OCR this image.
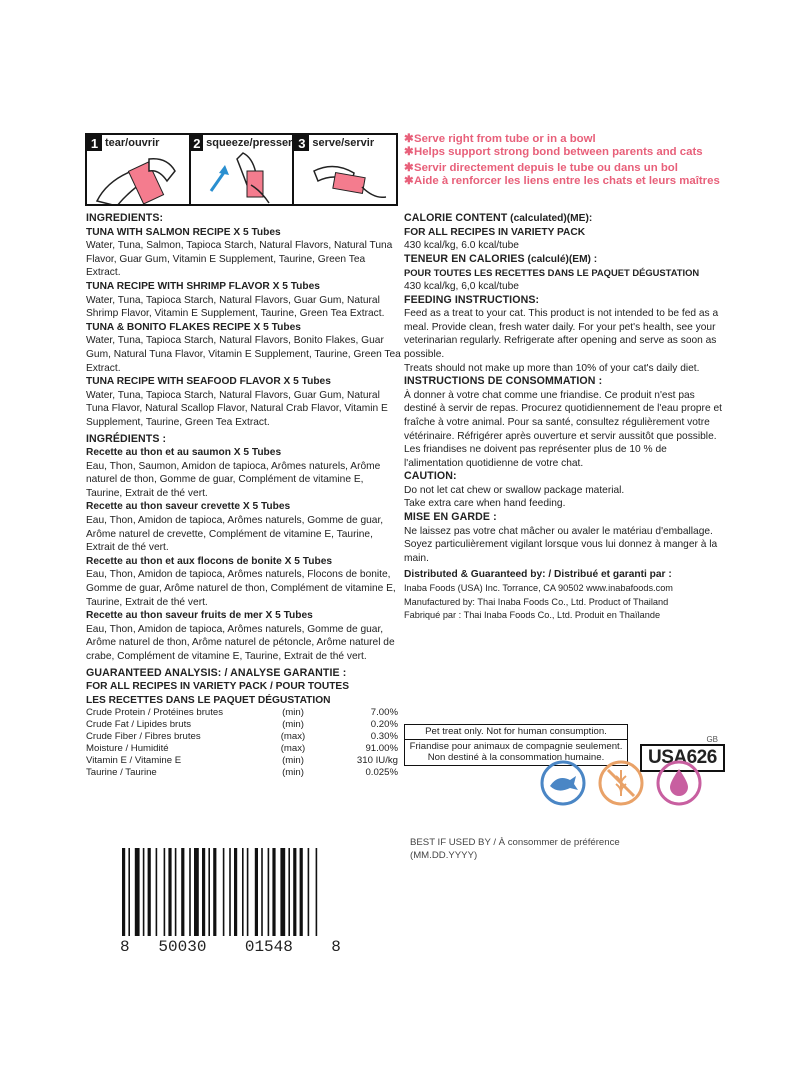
1 tear/ouvrir	2 squeeze/presser 3 serve/servir	✱Serve right from tube or in a bowl
✱Helps support strong bond between parents and cats
✱Servir directement depuis le tube ou dans un bol
✱Aide à renforcer les liens entre les chats et leurs maîtres
INGREDIENTS:
TUNA WITH SALMON RECIPE X 5 Tubes

Water, Tuna, Salmon, Tapioca Starch, Natural Flavors, Natural Tuna Flavor, Guar Gum, Vitamin E Supplement, Taurine, Green Tea Extract.

TUNA RECIPE WITH SHRIMP FLAVOR X 5 Tubes

Water, Tuna, Tapioca Starch, Natural Flavors, Guar Gum, Natural Shrimp Flavor, Vitamin E Supplement, Taurine, Green Tea Extract.

TUNA & BONITO FLAKES RECIPE X 5 Tubes

Water, Tuna, Tapioca Starch, Natural Flavors, Bonito Flakes, Guar Gum, Natural Tuna Flavor, Vitamin E Supplement, Taurine, Green Tea Extract.

TUNA RECIPE WITH SEAFOOD FLAVOR X 5 Tubes

Water, Tuna, Tapioca Starch, Natural Flavors, Guar Gum, Natural Tuna Flavor, Natural Scallop Flavor, Natural Crab Flavor, Vitamin E Supplement, Taurine, Green Tea Extract.

INGRÉDIENTS :
Recette au thon et au saumon X 5 Tubes

Eau, Thon, Saumon, Amidon de tapioca, Arômes naturels, Arôme naturel de thon, Gomme de guar, Complément de vitamine E, Taurine, Extrait de thé vert.

Recette au thon saveur crevette X 5 Tubes

Eau, Thon, Amidon de tapioca, Arômes naturels, Gomme de guar, Arôme naturel de crevette, Complément de vitamine E, Taurine, Extrait de thé vert.

Recette au thon et aux flocons de bonite X 5 Tubes

Eau, Thon, Amidon de tapioca, Arômes naturels, Flocons de bonite, Gomme de guar, Arôme naturel de thon, Complément de vitamine E, Taurine, Extrait de thé vert.

Recette au thon saveur fruits de mer X 5 Tubes

Eau, Thon, Amidon de tapioca, Arômes naturels, Gomme de guar, Arôme naturel de thon, Arôme naturel de pétoncle, Arôme naturel de crabe, Complément de vitamine E, Taurine, Extrait de thé vert.

GUARANTEED ANALYSIS: / ANALYSE GARANTIE :
FOR ALL RECIPES IN VARIETY PACK / POUR TOUTES
LES RECETTES DANS LE PAQUET DÉGUSTATION
Crude Protein / Protéines brutes	(min)	7.00%
Crude Fat / Lipides bruts	(min)	0.20%
Crude Fiber / Fibres brutes	(max)	0.30%
Moisture / Humidité	(max)	91.00%
Vitamin E / Vitamine E	(min)	310 IU/kg
Taurine / Taurine	(min)	0.025%
CALORIE CONTENT (calculated)(ME):
FOR ALL RECIPES IN VARIETY PACK
430 kcal/kg, 6.0 kcal/tube
TENEUR EN CALORIES (calculé)(EM) :
POUR TOUTES LES RECETTES DANS LE PAQUET DÉGUSTATION
430 kcal/kg, 6,0 kcal/tube
FEEDING INSTRUCTIONS:

Feed as a treat to your cat. This product is not intended to be fed as a meal. Provide clean, fresh water daily. For your pet's health, see your veterinarian regularly. Refrigerate after opening and serve as soon as possible.

Treats should not make up more than 10% of your cat's daily diet.

INSTRUCTIONS DE CONSOMMATION :

À donner à votre chat comme une friandise. Ce produit n'est pas destiné à servir de repas. Procurez quotidiennement de l'eau propre et fraîche à votre animal. Pour sa santé, consultez régulièrement votre vétérinaire. Réfrigérer après ouverture et servir aussitôt que possible.

Les friandises ne doivent pas représenter plus de 10 % de l'alimentation quotidienne de votre chat.

CAUTION:
Do not let cat chew or swallow package material.
Take extra care when hand feeding.
MISE EN GARDE :

Ne laissez pas votre chat mâcher ou avaler le matériau d'emballage. Soyez particulièrement vigilant lorsque vous lui donnez à manger à la main.

Distributed & Guaranteed by: / Distribué et garanti par :
Inaba Foods (USA) Inc. Torrance, CA 90502 www.inabafoods.com
Manufactured by: Thai Inaba Foods Co., Ltd. Product of Thailand
Fabriqué par : Thai Inaba Foods Co., Ltd. Produit en Thaïlande
Pet treat only. Not for human consumption.
Friandise pour animaux de compagnie seulement.
Non destiné à la consommation humaine.
GB
USA626
BEST IF USED BY / À consommer de préférence
(MM.DD.YYYY)
8 50030 01548 8
